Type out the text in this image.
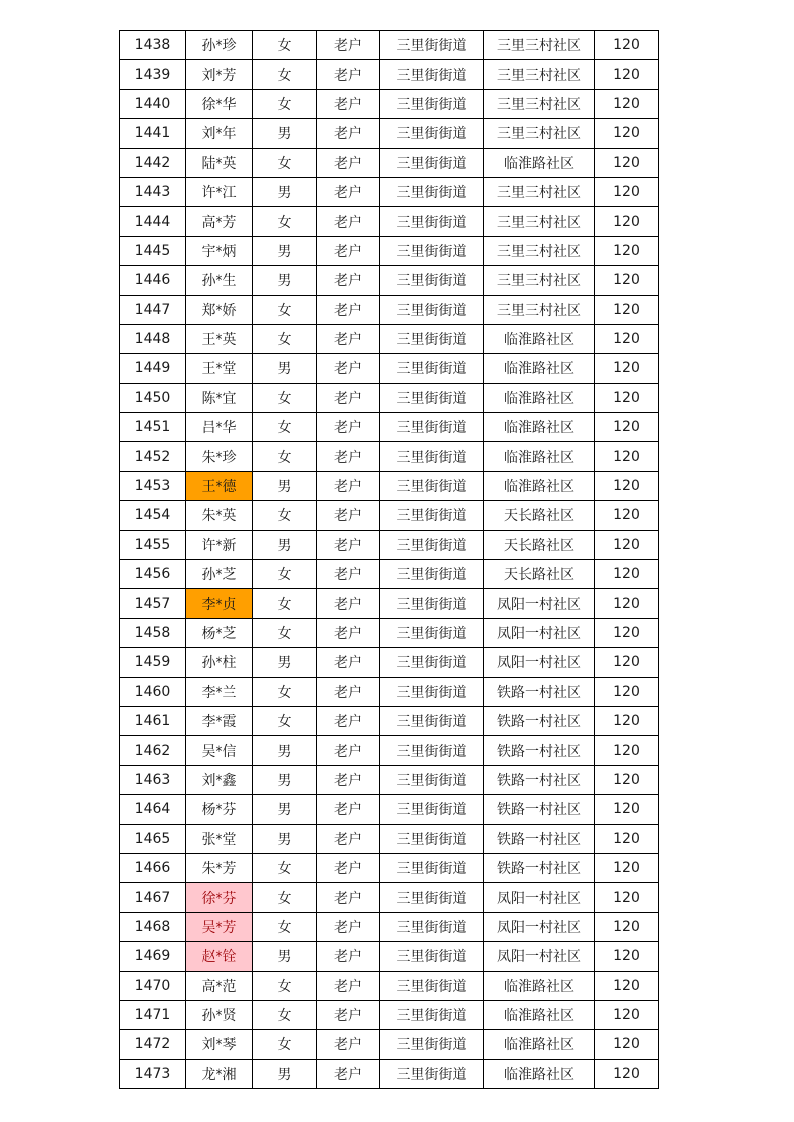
1438	孙*珍	女	老户	三里街街道	三里三村社区	120
1439	刘*芳	女	老户	三里街街道	三里三村社区	120
1440	徐*华	女	老户	三里街街道	三里三村社区	120
1441	刘*年	男	老户	三里街街道	三里三村社区	120
1442	陆*英	女	老户	三里街街道	临淮路社区	120
1443	许*江	男	老户	三里街街道	三里三村社区	120
1444	高*芳	女	老户	三里街街道	三里三村社区	120
1445	宇*炳	男	老户	三里街街道	三里三村社区	120
1446	孙*生	男	老户	三里街街道	三里三村社区	120
1447	郑*娇	女	老户	三里街街道	三里三村社区	120
1448	王*英	女	老户	三里街街道	临淮路社区	120
1449	王*堂	男	老户	三里街街道	临淮路社区	120
1450	陈*宜	女	老户	三里街街道	临淮路社区	120
1451	吕*华	女	老户	三里街街道	临淮路社区	120
1452	朱*珍	女	老户	三里街街道	临淮路社区	120
1453	王*德	男	老户	三里街街道	临淮路社区	120
1454	朱*英	女	老户	三里街街道	天长路社区	120
1455	许*新	男	老户	三里街街道	天长路社区	120
1456	孙*芝	女	老户	三里街街道	天长路社区	120
1457	李*贞	女	老户	三里街街道	凤阳一村社区	120
1458	杨*芝	女	老户	三里街街道	凤阳一村社区	120
1459	孙*柱	男	老户	三里街街道	凤阳一村社区	120
1460	李*兰	女	老户	三里街街道	铁路一村社区	120
1461	李*霞	女	老户	三里街街道	铁路一村社区	120
1462	吴*信	男	老户	三里街街道	铁路一村社区	120
1463	刘*鑫	男	老户	三里街街道	铁路一村社区	120
1464	杨*芬	男	老户	三里街街道	铁路一村社区	120
1465	张*堂	男	老户	三里街街道	铁路一村社区	120
1466	朱*芳	女	老户	三里街街道	铁路一村社区	120
1467	徐*芬	女	老户	三里街街道	凤阳一村社区	120
1468	吴*芳	女	老户	三里街街道	凤阳一村社区	120
1469	赵*铨	男	老户	三里街街道	凤阳一村社区	120
1470	高*范	女	老户	三里街街道	临淮路社区	120
1471	孙*贤	女	老户	三里街街道	临淮路社区	120
1472	刘*琴	女	老户	三里街街道	临淮路社区	120
1473	龙*湘	男	老户	三里街街道	临淮路社区	120
